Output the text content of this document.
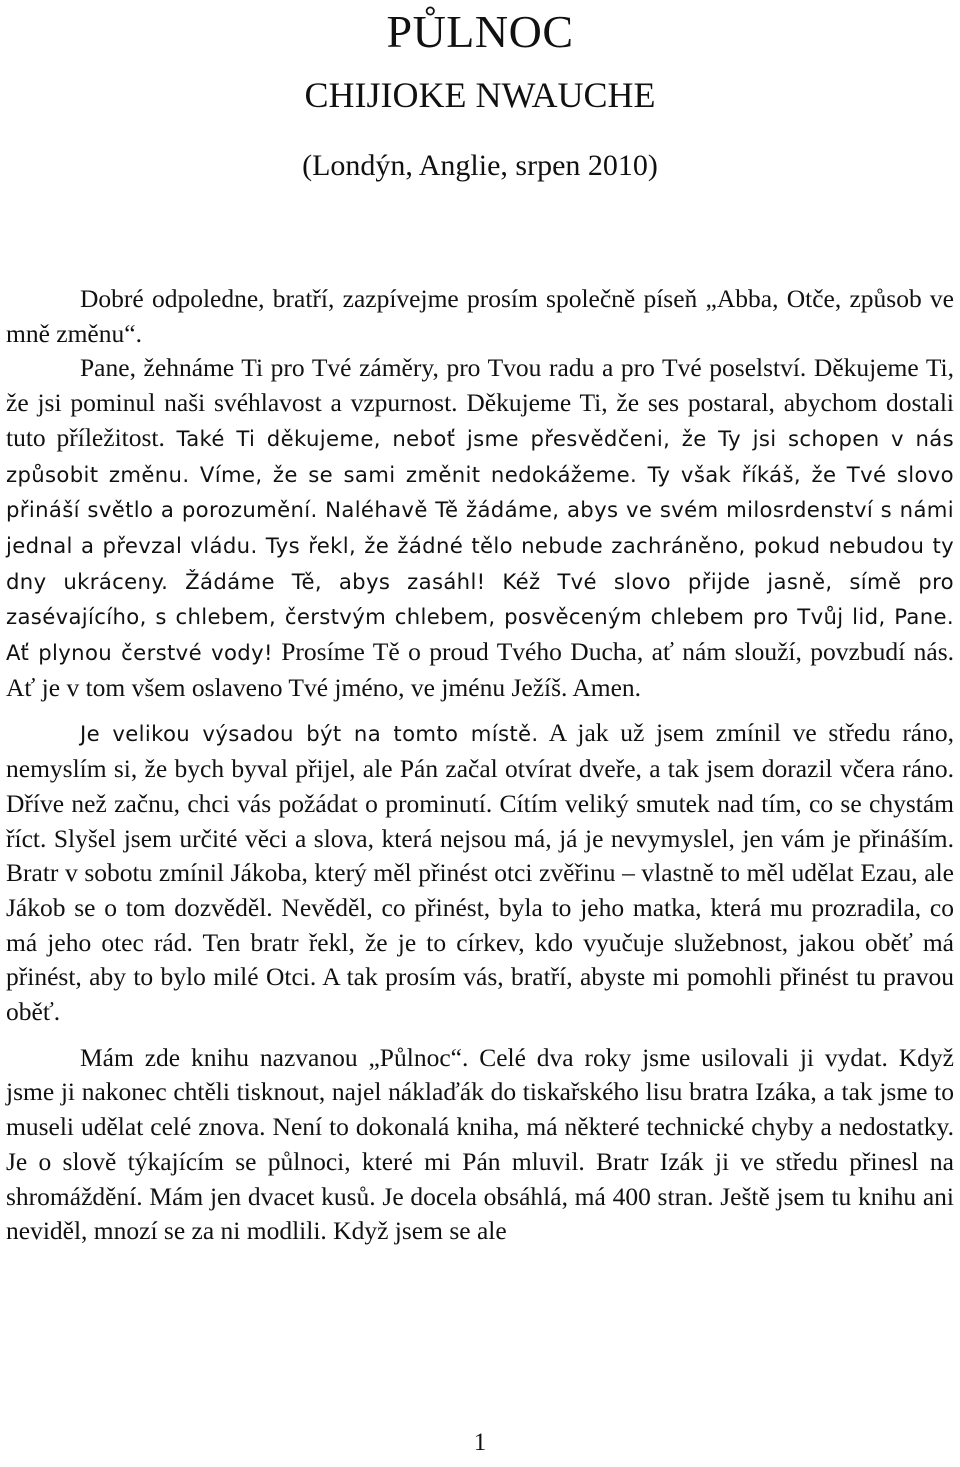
PŮLNOC
CHIJIOKE NWAUCHE
(Londýn, Anglie, srpen 2010)

Dobré odpoledne, bratří, zazpívejme prosím společně píseň „Abba, Otče, způsob ve mně změnu“.

Pane, žehnáme Ti pro Tvé záměry, pro Tvou radu a pro Tvé poselství. Děkujeme Ti, že jsi pominul naši svéhlavost a vzpurnost. Děkujeme Ti, že ses postaral, abychom dostali tuto příležitost. Také Ti děkujeme, neboť jsme přesvědčeni, že Ty jsi schopen v nás způsobit změnu. Víme, že se sami změnit nedokážeme. Ty však říkáš, že Tvé slovo přináší světlo a porozumění. Naléhavě Tě žádáme, abys ve svém milosrdenství s námi jednal a převzal vládu. Tys řekl, že žádné tělo nebude zachráněno, pokud nebudou ty dny ukráceny. Žádáme Tě, abys zasáhl! Kéž Tvé slovo přijde jasně, símě pro zasévajícího, s chlebem, čerstvým chlebem, posvěceným chlebem pro Tvůj lid, Pane. Ať plynou čerstvé vody! Prosíme Tě o proud Tvého Ducha, ať nám slouží, povzbudí nás. Ať je v tom všem oslaveno Tvé jméno, ve jménu Ježíš. Amen.

Je velikou výsadou být na tomto místě. A jak už jsem zmínil ve středu ráno, nemyslím si, že bych byval přijel, ale Pán začal otvírat dveře, a tak jsem dorazil včera ráno. Dříve než začnu, chci vás požádat o prominutí. Cítím veliký smutek nad tím, co se chystám říct. Slyšel jsem určité věci a slova, která nejsou má, já je nevymyslel, jen vám je přináším. Bratr v sobotu zmínil Jákoba, který měl přinést otci zvěřinu – vlastně to měl udělat Ezau, ale Jákob se o tom dozvěděl. Nevěděl, co přinést, byla to jeho matka, která mu prozradila, co má jeho otec rád. Ten bratr řekl, že je to církev, kdo vyučuje služebnost, jakou oběť má přinést, aby to bylo milé Otci. A tak prosím vás, bratří, abyste mi pomohli přinést tu pravou oběť.

Mám zde knihu nazvanou „Půlnoc“. Celé dva roky jsme usilovali ji vydat. Když jsme ji nakonec chtěli tisknout, najel náklaďák do tiskařského lisu bratra Izáka, a tak jsme to museli udělat celé znova. Není to dokonalá kniha, má některé technické chyby a nedostatky. Je o slově týkajícím se půlnoci, které mi Pán mluvil. Bratr Izák ji ve středu přinesl na shromáždění. Mám jen dvacet kusů. Je docela obsáhlá, má 400 stran. Ještě jsem tu knihu ani neviděl, mnozí se za ni modlili. Když jsem se ale

1
